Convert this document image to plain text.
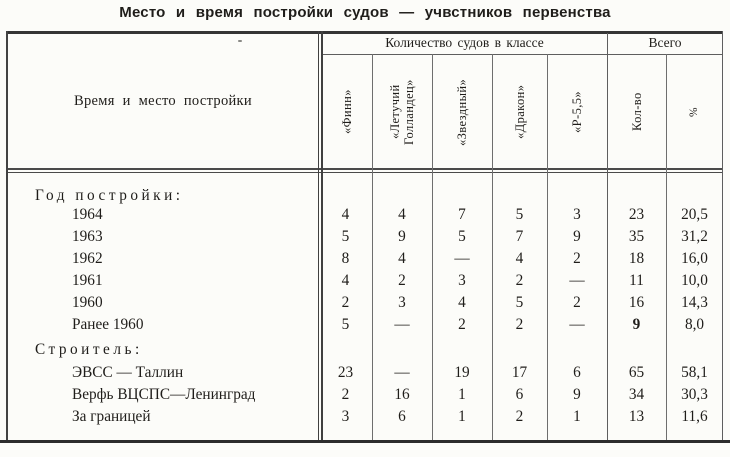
Место и время постройки судов — учвстников первенства
Количество судов в классе	Всего
Время и место постройки	«Финн»	«Летучий Голландец»	«Звездный»	«Дракон»	«Р-5,5»	Кол-во	%
Год постройки:
1964	4	4	7	5	3	23	20,5
1963	5	9	5	7	9	35	31,2
1962	8	4	—	4	2	18	16,0
1961	4	2	3	2	—	11	10,0
1960	2	3	4	5	2	16	14,3
Ранее 1960	5	—	2	2	—	9	8,0
Строитель:
ЭВСС — Таллин	23	—	19	17	6	65	58,1
Верфь ВЦСПС—Ленинград	2	16	1	6	9	34	30,3
За границей	3	6	1	2	1	13	11,6
